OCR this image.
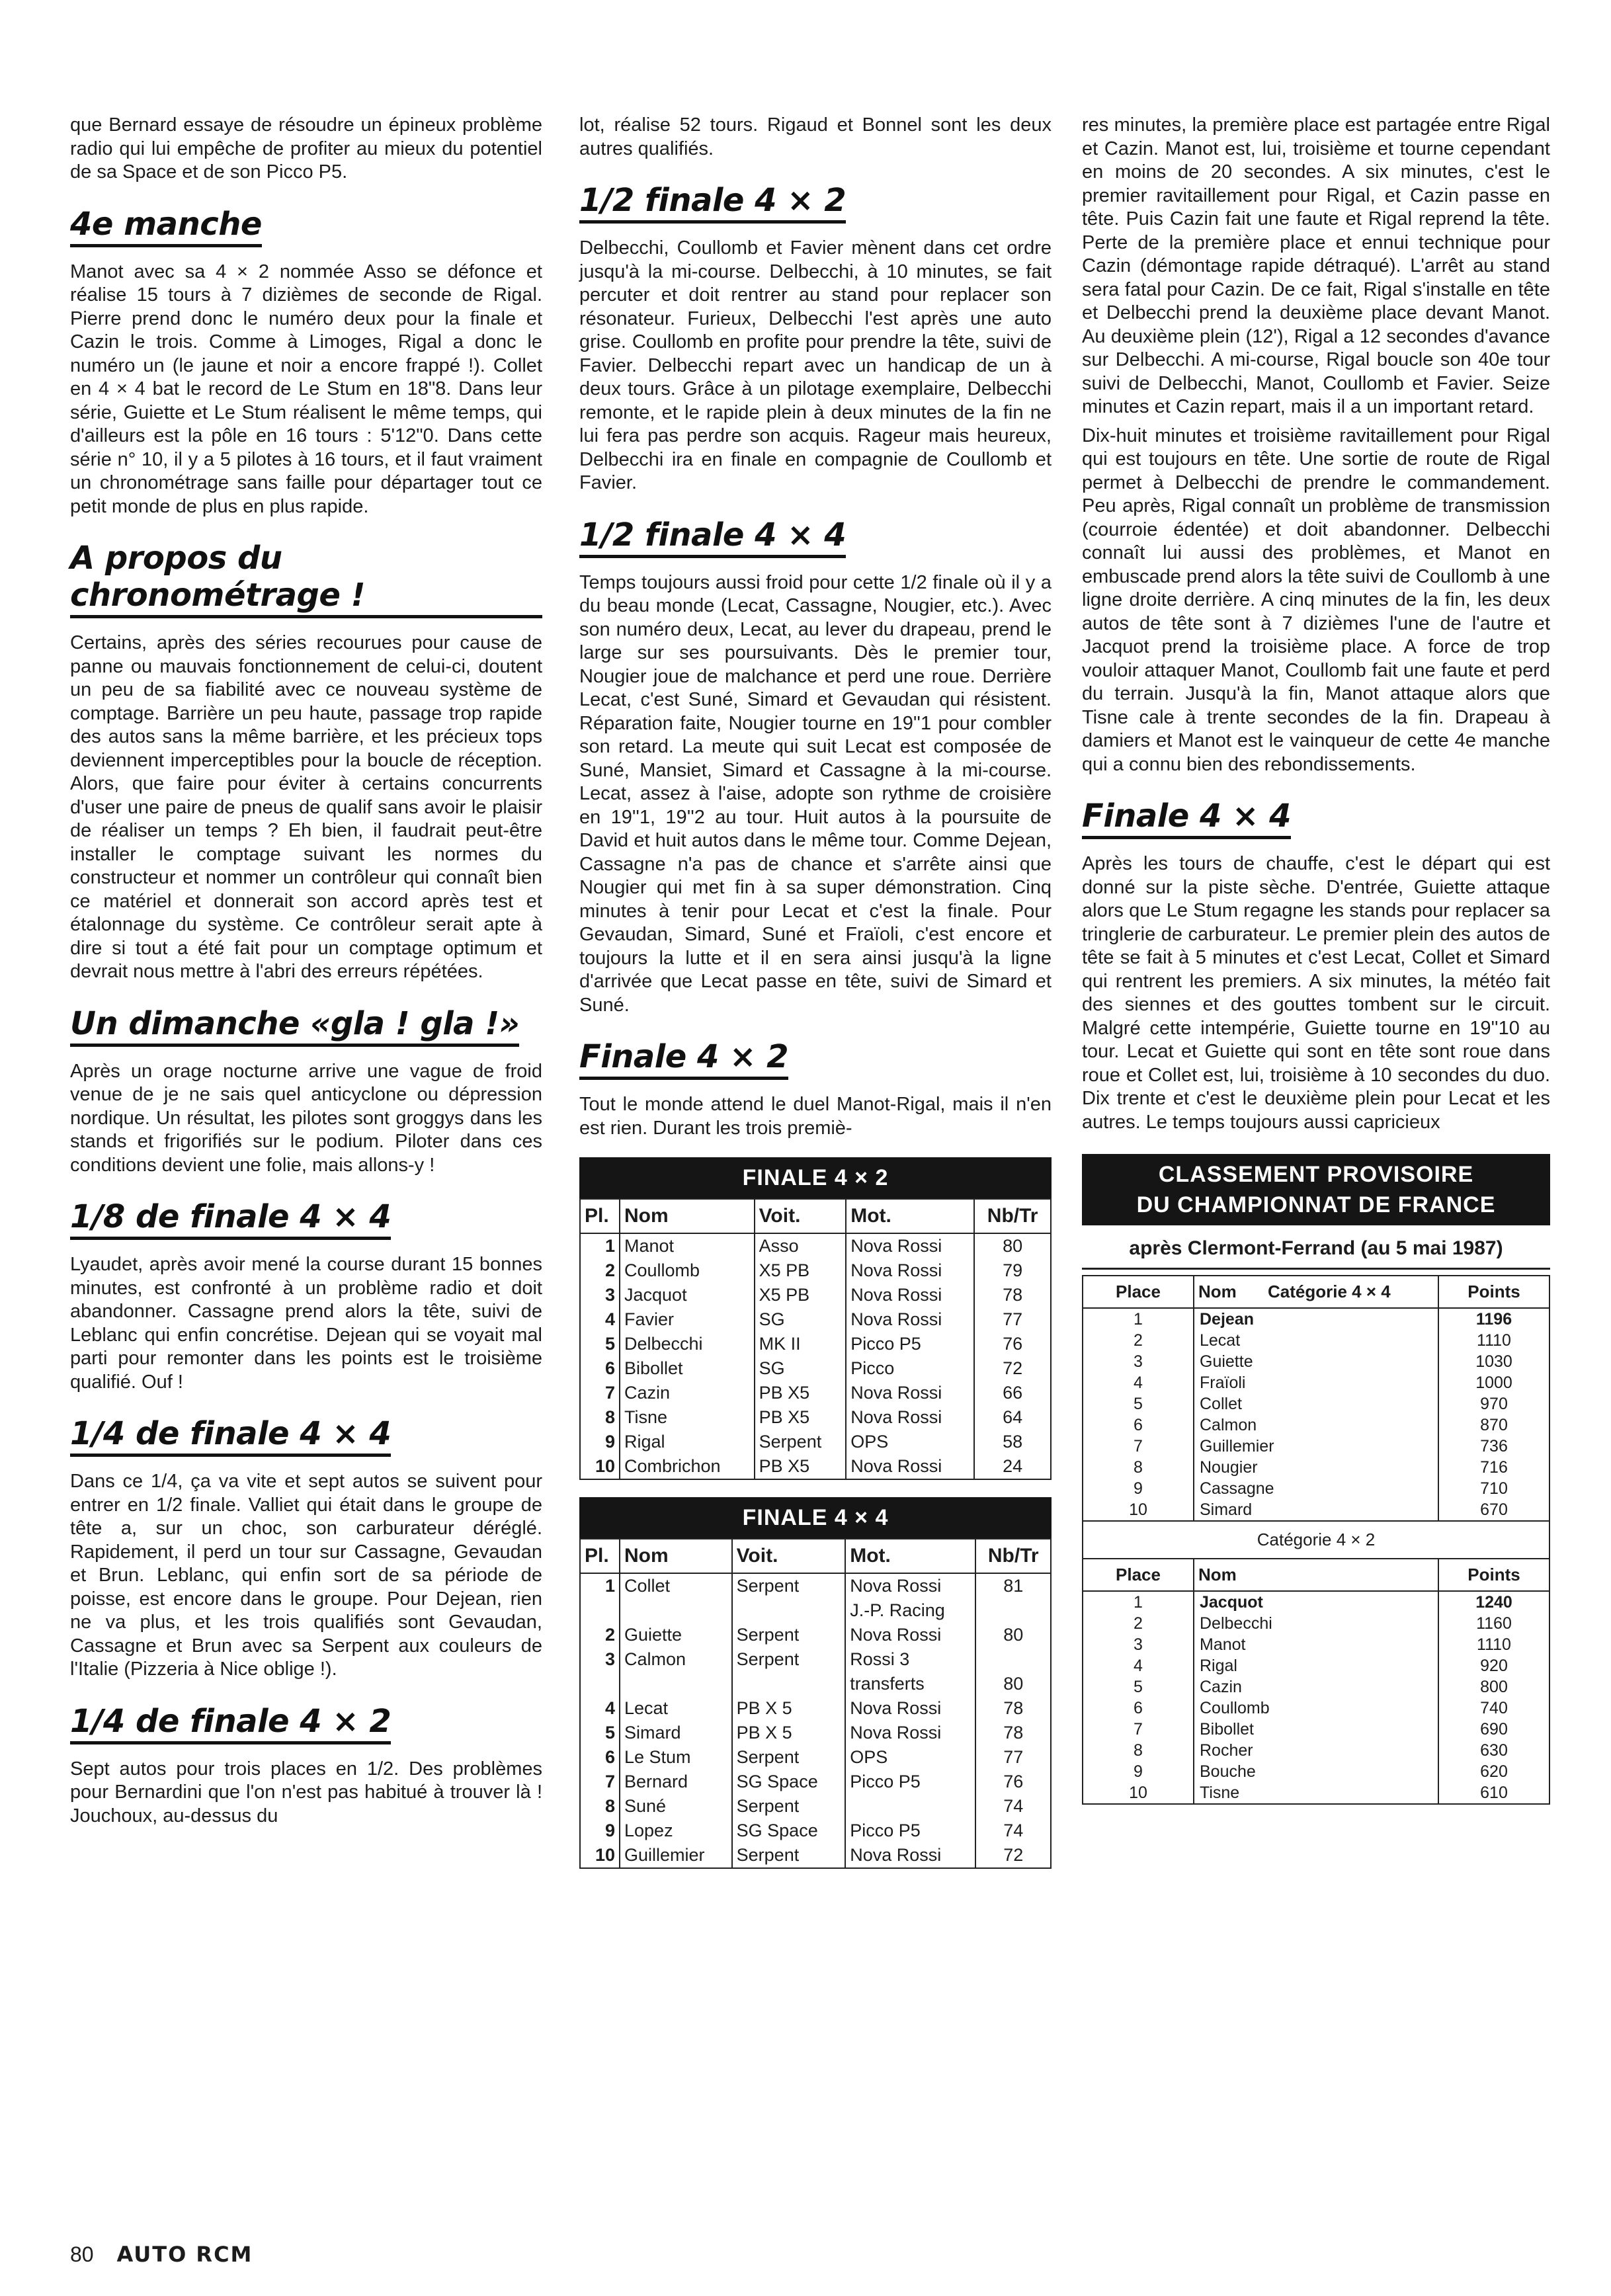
que Bernard essaye de résoudre un épineux problème radio qui lui empêche de profiter au mieux du potentiel de sa Space et de son Picco P5.

4e manche

Manot avec sa 4 × 2 nommée Asso se défonce et réalise 15 tours à 7 dizièmes de seconde de Rigal. Pierre prend donc le numéro deux pour la finale et Cazin le trois. Comme à Limoges, Rigal a donc le numéro un (le jaune et noir a encore frappé !). Collet en 4 × 4 bat le record de Le Stum en 18"8. Dans leur série, Guiette et Le Stum réalisent le même temps, qui d'ailleurs est la pôle en 16 tours : 5'12"0. Dans cette série n° 10, il y a 5 pilotes à 16 tours, et il faut vraiment un chronométrage sans faille pour départager tout ce petit monde de plus en plus rapide.

A propos du chronométrage !

Certains, après des séries recourues pour cause de panne ou mauvais fonctionnement de celui-ci, doutent un peu de sa fiabilité avec ce nouveau système de comptage. Barrière un peu haute, passage trop rapide des autos sans la même barrière, et les précieux tops deviennent imperceptibles pour la boucle de réception. Alors, que faire pour éviter à certains concurrents d'user une paire de pneus de qualif sans avoir le plaisir de réaliser un temps ? Eh bien, il faudrait peut-être installer le comptage suivant les normes du constructeur et nommer un contrôleur qui connaît bien ce matériel et donnerait son accord après test et étalonnage du système. Ce contrôleur serait apte à dire si tout a été fait pour un comptage optimum et devrait nous mettre à l'abri des erreurs répétées.

Un dimanche «gla ! gla !»

Après un orage nocturne arrive une vague de froid venue de je ne sais quel anticyclone ou dépression nordique. Un résultat, les pilotes sont groggys dans les stands et frigorifiés sur le podium. Piloter dans ces conditions devient une folie, mais allons-y !

1/8 de finale 4 × 4

Lyaudet, après avoir mené la course durant 15 bonnes minutes, est confronté à un problème radio et doit abandonner. Cassagne prend alors la tête, suivi de Leblanc qui enfin concrétise. Dejean qui se voyait mal parti pour remonter dans les points est le troisième qualifié. Ouf !

1/4 de finale 4 × 4

Dans ce 1/4, ça va vite et sept autos se suivent pour entrer en 1/2 finale. Valliet qui était dans le groupe de tête a, sur un choc, son carburateur déréglé. Rapidement, il perd un tour sur Cassagne, Gevaudan et Brun. Leblanc, qui enfin sort de sa période de poisse, est encore dans le groupe. Pour Dejean, rien ne va plus, et les trois qualifiés sont Gevaudan, Cassagne et Brun avec sa Serpent aux couleurs de l'Italie (Pizzeria à Nice oblige !).

1/4 de finale 4 × 2

Sept autos pour trois places en 1/2. Des problèmes pour Bernardini que l'on n'est pas habitué à trouver là ! Jouchoux, au-dessus du

lot, réalise 52 tours. Rigaud et Bonnel sont les deux autres qualifiés.

1/2 finale 4 × 2

Delbecchi, Coullomb et Favier mènent dans cet ordre jusqu'à la mi-course. Delbecchi, à 10 minutes, se fait percuter et doit rentrer au stand pour replacer son résonateur. Furieux, Delbecchi l'est après une auto grise. Coullomb en profite pour prendre la tête, suivi de Favier. Delbecchi repart avec un handicap de un à deux tours. Grâce à un pilotage exemplaire, Delbecchi remonte, et le rapide plein à deux minutes de la fin ne lui fera pas perdre son acquis. Rageur mais heureux, Delbecchi ira en finale en compagnie de Coullomb et Favier.

1/2 finale 4 × 4

Temps toujours aussi froid pour cette 1/2 finale où il y a du beau monde (Lecat, Cassagne, Nougier, etc.). Avec son numéro deux, Lecat, au lever du drapeau, prend le large sur ses poursuivants. Dès le premier tour, Nougier joue de malchance et perd une roue. Derrière Lecat, c'est Suné, Simard et Gevaudan qui résistent. Réparation faite, Nougier tourne en 19''1 pour combler son retard. La meute qui suit Lecat est composée de Suné, Mansiet, Simard et Cassagne à la mi-course. Lecat, assez à l'aise, adopte son rythme de croisière en 19''1, 19''2 au tour. Huit autos à la poursuite de David et huit autos dans le même tour. Comme Dejean, Cassagne n'a pas de chance et s'arrête ainsi que Nougier qui met fin à sa super démonstration. Cinq minutes à tenir pour Lecat et c'est la finale. Pour Gevaudan, Simard, Suné et Fraïoli, c'est encore et toujours la lutte et il en sera ainsi jusqu'à la ligne d'arrivée que Lecat passe en tête, suivi de Simard et Suné.

Finale 4 × 2

Tout le monde attend le duel Manot-Rigal, mais il n'en est rien. Durant les trois premiè-

FINALE 4 × 2
Pl.	Nom	Voit.	Mot.	Nb/Tr
1	Manot	Asso	Nova Rossi	80
2	Coullomb	X5 PB	Nova Rossi	79
3	Jacquot	X5 PB	Nova Rossi	78
4	Favier	SG	Nova Rossi	77
5	Delbecchi	MK II	Picco P5	76
6	Bibollet	SG	Picco	72
7	Cazin	PB X5	Nova Rossi	66
8	Tisne	PB X5	Nova Rossi	64
9	Rigal	Serpent	OPS	58
10	Combrichon	PB X5	Nova Rossi	24
FINALE 4 × 4
Pl.	Nom	Voit.	Mot.	Nb/Tr
1	Collet	Serpent	Nova Rossi	81
			J.-P. Racing	
2	Guiette	Serpent	Nova Rossi	80
3	Calmon	Serpent	Rossi 3	
			transferts	80
4	Lecat	PB X 5	Nova Rossi	78
5	Simard	PB X 5	Nova Rossi	78
6	Le Stum	Serpent	OPS	77
7	Bernard	SG Space	Picco P5	76
8	Suné	Serpent		74
9	Lopez	SG Space	Picco P5	74
10	Guillemier	Serpent	Nova Rossi	72

res minutes, la première place est partagée entre Rigal et Cazin. Manot est, lui, troisième et tourne cependant en moins de 20 secondes. A six minutes, c'est le premier ravitaillement pour Rigal, et Cazin passe en tête. Puis Cazin fait une faute et Rigal reprend la tête. Perte de la première place et ennui technique pour Cazin (démontage rapide détraqué). L'arrêt au stand sera fatal pour Cazin. De ce fait, Rigal s'installe en tête et Delbecchi prend la deuxième place devant Manot. Au deuxième plein (12'), Rigal a 12 secondes d'avance sur Delbecchi. A mi-course, Rigal boucle son 40e tour suivi de Delbecchi, Manot, Coullomb et Favier. Seize minutes et Cazin repart, mais il a un important retard.

Dix-huit minutes et troisième ravitaillement pour Rigal qui est toujours en tête. Une sortie de route de Rigal permet à Delbecchi de prendre le commandement. Peu après, Rigal connaît un problème de transmission (courroie édentée) et doit abandonner. Delbecchi connaît lui aussi des problèmes, et Manot en embuscade prend alors la tête suivi de Coullomb à une ligne droite derrière. A cinq minutes de la fin, les deux autos de tête sont à 7 dizièmes l'une de l'autre et Jacquot prend la troisième place. A force de trop vouloir attaquer Manot, Coullomb fait une faute et perd du terrain. Jusqu'à la fin, Manot attaque alors que Tisne cale à trente secondes de la fin. Drapeau à damiers et Manot est le vainqueur de cette 4e manche qui a connu bien des rebondissements.

Finale 4 × 4

Après les tours de chauffe, c'est le départ qui est donné sur la piste sèche. D'entrée, Guiette attaque alors que Le Stum regagne les stands pour replacer sa tringlerie de carburateur. Le premier plein des autos de tête se fait à 5 minutes et c'est Lecat, Collet et Simard qui rentrent les premiers. A six minutes, la météo fait des siennes et des gouttes tombent sur le circuit. Malgré cette intempérie, Guiette tourne en 19''10 au tour. Lecat et Guiette qui sont en tête sont roue dans roue et Collet est, lui, troisième à 10 secondes du duo. Dix trente et c'est le deuxième plein pour Lecat et les autres. Le temps toujours aussi capricieux

CLASSEMENT PROVISOIRE
DU CHAMPIONNAT DE FRANCE
après Clermont-Ferrand (au 5 mai 1987)
Place	Nom Catégorie 4 × 4	Points
1	Dejean	1196
2	Lecat	1110
3	Guiette	1030
4	Fraïoli	1000
5	Collet	970
6	Calmon	870
7	Guillemier	736
8	Nougier	716
9	Cassagne	710
10	Simard	670
Catégorie 4 × 2
Place	Nom	Points
1	Jacquot	1240
2	Delbecchi	1160
3	Manot	1110
4	Rigal	920
5	Cazin	800
6	Coullomb	740
7	Bibollet	690
8	Rocher	630
9	Bouche	620
10	Tisne	610
80 AUTO RCM
